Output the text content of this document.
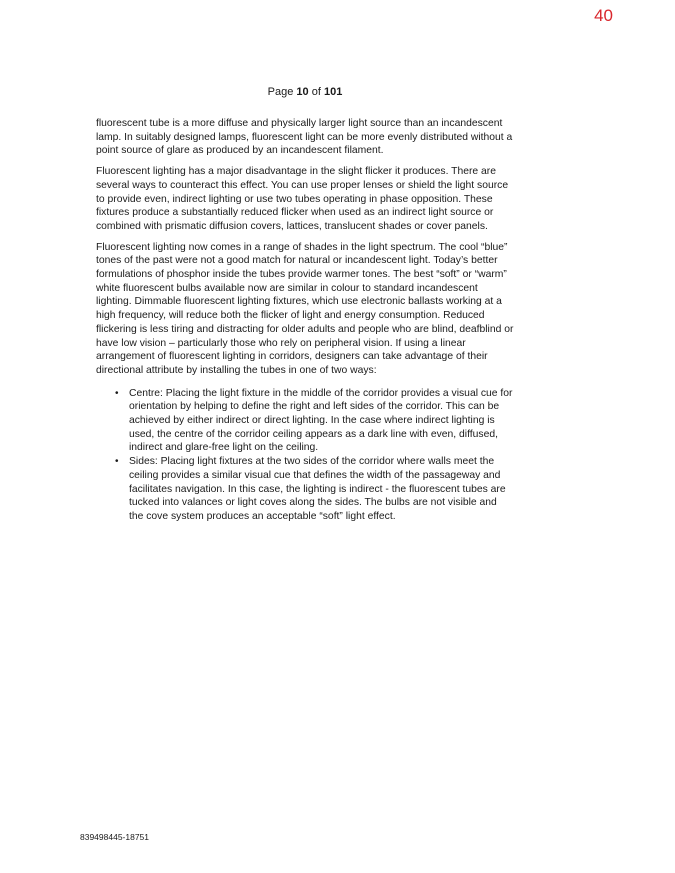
40
Page 10 of 101

fluorescent tube is a more diffuse and physically larger light source than an incandescent lamp. In suitably designed lamps, fluorescent light can be more evenly distributed without a point source of glare as produced by an incandescent filament.

Fluorescent lighting has a major disadvantage in the slight flicker it produces. There are several ways to counteract this effect. You can use proper lenses or shield the light source to provide even, indirect lighting or use two tubes operating in phase opposition. These fixtures produce a substantially reduced flicker when used as an indirect light source or combined with prismatic diffusion covers, lattices, translucent shades or cover panels.

Fluorescent lighting now comes in a range of shades in the light spectrum. The cool “blue” tones of the past were not a good match for natural or incandescent light. Today’s better formulations of phosphor inside the tubes provide warmer tones. The best “soft” or “warm” white fluorescent bulbs available now are similar in colour to standard incandescent lighting. Dimmable fluorescent lighting fixtures, which use electronic ballasts working at a high frequency, will reduce both the flicker of light and energy consumption. Reduced flickering is less tiring and distracting for older adults and people who are blind, deafblind or have low vision – particularly those who rely on peripheral vision. If using a linear arrangement of fluorescent lighting in corridors, designers can take advantage of their directional attribute by installing the tubes in one of two ways:

• Centre: Placing the light fixture in the middle of the corridor provides a visual cue for orientation by helping to define the right and left sides of the corridor. This can be achieved by either indirect or direct lighting. In the case where indirect lighting is used, the centre of the corridor ceiling appears as a dark line with even, diffused, indirect and glare-free light on the ceiling.
• Sides: Placing light fixtures at the two sides of the corridor where walls meet the ceiling provides a similar visual cue that defines the width of the passageway and facilitates navigation. In this case, the lighting is indirect - the fluorescent tubes are tucked into valances or light coves along the sides. The bulbs are not visible and the cove system produces an acceptable “soft” light effect.
839498445-18751
